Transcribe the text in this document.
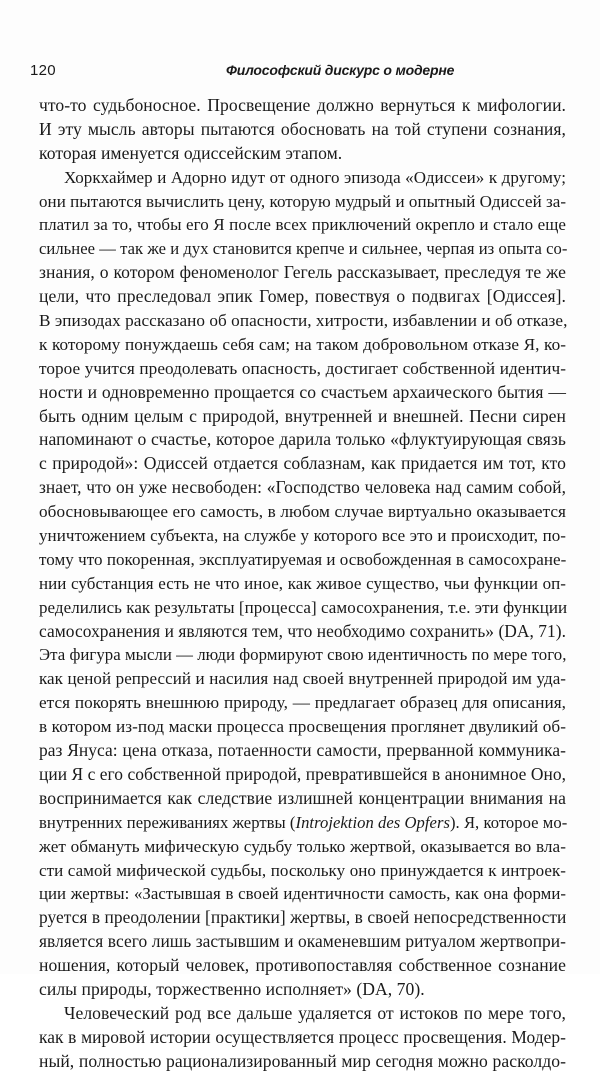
120	Философский дискурс о модерне
что-то судьбоносное. Просвещение должно вернуться к мифологии.
И эту мысль авторы пытаются обосновать на той ступени сознания,
которая именуется одиссейским этапом.
Хоркхаймер и Адорно идут от одного эпизода «Одиссеи» к другому;
они пытаются вычислить цену, которую мудрый и опытный Одиссей за-
платил за то, чтобы его Я после всех приключений окрепло и стало еще
сильнее — так же и дух становится крепче и сильнее, черпая из опыта со-
знания, о котором феноменолог Гегель рассказывает, преследуя те же
цели, что преследовал эпик Гомер, повествуя о подвигах [Одиссея].
В эпизодах рассказано об опасности, хитрости, избавлении и об отказе,
к которому понуждаешь себя сам; на таком добровольном отказе Я, ко-
торое учится преодолевать опасность, достигает собственной идентич-
ности и одновременно прощается со счастьем архаического бытия —
быть одним целым с природой, внутренней и внешней. Песни сирен
напоминают о счастье, которое дарила только «флуктуирующая связь
с природой»: Одиссей отдается соблазнам, как придается им тот, кто
знает, что он уже несвободен: «Господство человека над самим собой,
обосновывающее его самость, в любом случае виртуально оказывается
уничтожением субъекта, на службе у которого все это и происходит, по-
тому что покоренная, эксплуатируемая и освобожденная в самосохране-
нии субстанция есть не что иное, как живое существо, чьи функции оп-
ределились как результаты [процесса] самосохранения, т.е. эти функции
самосохранения и являются тем, что необходимо сохранить» (DA, 71).
Эта фигура мысли — люди формируют свою идентичность по мере того,
как ценой репрессий и насилия над своей внутренней природой им уда-
ется покорять внешнюю природу, — предлагает образец для описания,
в котором из-под маски процесса просвещения проглянет двуликий об-
раз Януса: цена отказа, потаенности самости, прерванной коммуника-
ции Я с его собственной природой, превратившейся в анонимное Оно,
воспринимается как следствие излишней концентрации внимания на
внутренних переживаниях жертвы (Introjektion des Opfers). Я, которое мо-
жет обмануть мифическую судьбу только жертвой, оказывается во вла-
сти самой мифической судьбы, поскольку оно принуждается к интроек-
ции жертвы: «Застывшая в своей идентичности самость, как она форми-
руется в преодолении [практики] жертвы, в своей непосредственности
является всего лишь застывшим и окаменевшим ритуалом жертвопри-
ношения, который человек, противопоставляя собственное сознание
силы природы, торжественно исполняет» (DA, 70).
Человеческий род все дальше удаляется от истоков по мере того,
как в мировой истории осуществляется процесс просвещения. Модер-
ный, полностью рационализированный мир сегодня можно расколдо-
